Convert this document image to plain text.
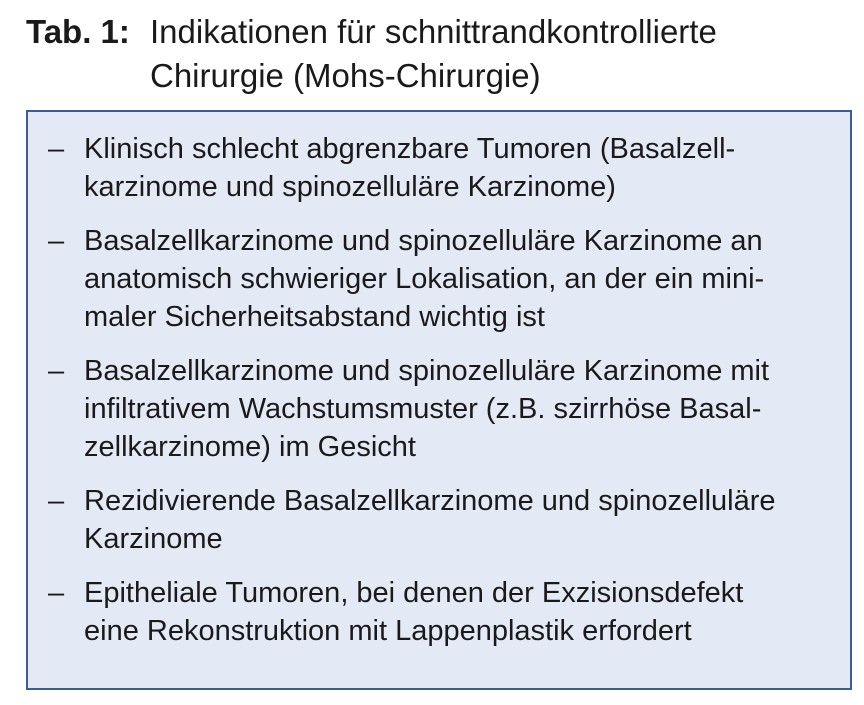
Tab. 1: Indikationen für schnittrandkontrollierte
Chirurgie (Mohs-Chirurgie)
– Klinisch schlecht abgrenzbare Tumoren (Basalzell-
karzinome und spinozelluläre Karzinome)
– Basalzellkarzinome und spinozelluläre Karzinome an
anatomisch schwieriger Lokalisation, an der ein mini-
maler Sicherheitsabstand wichtig ist
– Basalzellkarzinome und spinozelluläre Karzinome mit
infiltrativem Wachstumsmuster (z.B. szirrhöse Basal-
zellkarzinome) im Gesicht
– Rezidivierende Basalzellkarzinome und spinozelluläre
Karzinome
– Epitheliale Tumoren, bei denen der Exzisionsdefekt
eine Rekonstruktion mit Lappenplastik erfordert
